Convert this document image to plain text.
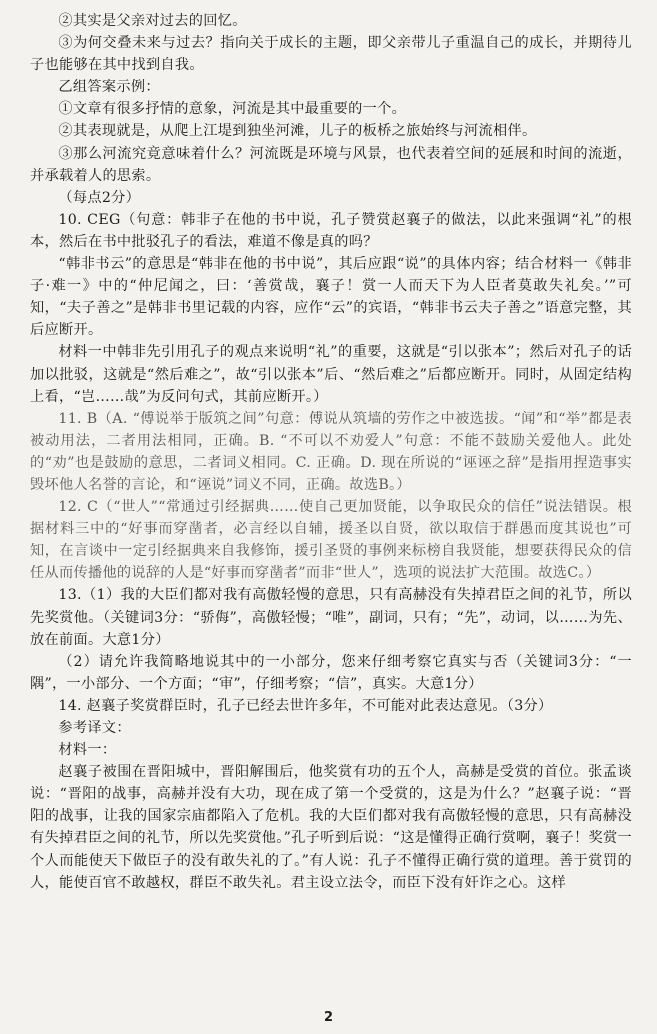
②其实是父亲对过去的回忆。

③为何交叠未来与过去？指向关于成长的主题，即父亲带儿子重温自己的成长，并期待儿子也能够在其中找到自我。

乙组答案示例：

①文章有很多抒情的意象，河流是其中最重要的一个。

②其表现就是，从爬上江堤到独坐河滩，儿子的板桥之旅始终与河流相伴。

③那么河流究竟意味着什么？河流既是环境与风景，也代表着空间的延展和时间的流逝，并承载着人的思索。

（每点2分）

10. CEG（句意：韩非子在他的书中说，孔子赞赏赵襄子的做法，以此来强调“礼”的根本，然后在书中批驳孔子的看法，难道不像是真的吗？

“韩非书云”的意思是“韩非在他的书中说”，其后应跟“说”的具体内容；结合材料一《韩非子·难一》中的“仲尼闻之，曰：‘善赏哉，襄子！赏一人而天下为人臣者莫敢失礼矣。’”可知，“夫子善之”是韩非书里记载的内容，应作“云”的宾语，“韩非书云夫子善之”语意完整，其后应断开。

材料一中韩非先引用孔子的观点来说明“礼”的重要，这就是“引以张本”；然后对孔子的话加以批驳，这就是“然后难之”，故“引以张本”后、“然后难之”后都应断开。同时，从固定结构上看，“岂……哉”为反问句式，其前应断开。）

11. B（A. “傅说举于版筑之间”句意：傅说从筑墙的劳作之中被选拔。“闻”和“举”都是表被动用法，二者用法相同，正确。B. “不可以不劝爱人”句意：不能不鼓励关爱他人。此处的“劝”也是鼓励的意思，二者词义相同。C. 正确。D. 现在所说的“诬诬之辞”是指用捏造事实毁坏他人名誉的言论，和“诬说”词义不同，正确。故选B。）

12. C（“世人”“常通过引经据典……使自己更加贤能，以争取民众的信任”说法错误。根据材料三中的“好事而穿凿者，必言经以自辅，援圣以自贤，欲以取信于群愚而度其说也”可知，在言谈中一定引经据典来自我修饰，援引圣贤的事例来标榜自我贤能，想要获得民众的信任从而传播他的说辞的人是“好事而穿凿者”而非“世人”，选项的说法扩大范围。故选C。）

13.（1）我的大臣们都对我有高傲轻慢的意思，只有高赫没有失掉君臣之间的礼节，所以先奖赏他。（关键词3分：“骄侮”，高傲轻慢；“唯”，副词，只有；“先”，动词，以……为先、放在前面。大意1分）

（2）请允许我简略地说其中的一小部分，您来仔细考察它真实与否（关键词3分：“一隅”，一小部分、一个方面；“审”，仔细考察；“信”，真实。大意1分）

14. 赵襄子奖赏群臣时，孔子已经去世许多年，不可能对此表达意见。（3分）

参考译文：

材料一：

赵襄子被围在晋阳城中，晋阳解围后，他奖赏有功的五个人，高赫是受赏的首位。张孟谈说：“晋阳的战事，高赫并没有大功，现在成了第一个受赏的，这是为什么？”赵襄子说：“晋阳的战事，让我的国家宗庙都陷入了危机。我的大臣们都对我有高傲轻慢的意思，只有高赫没有失掉君臣之间的礼节，所以先奖赏他。”孔子听到后说：“这是懂得正确行赏啊，襄子！奖赏一个人而能使天下做臣子的没有敢失礼的了。”有人说：孔子不懂得正确行赏的道理。善于赏罚的人，能使百官不敢越权，群臣不敢失礼。君主设立法令，而臣下没有奸诈之心。这样

2
